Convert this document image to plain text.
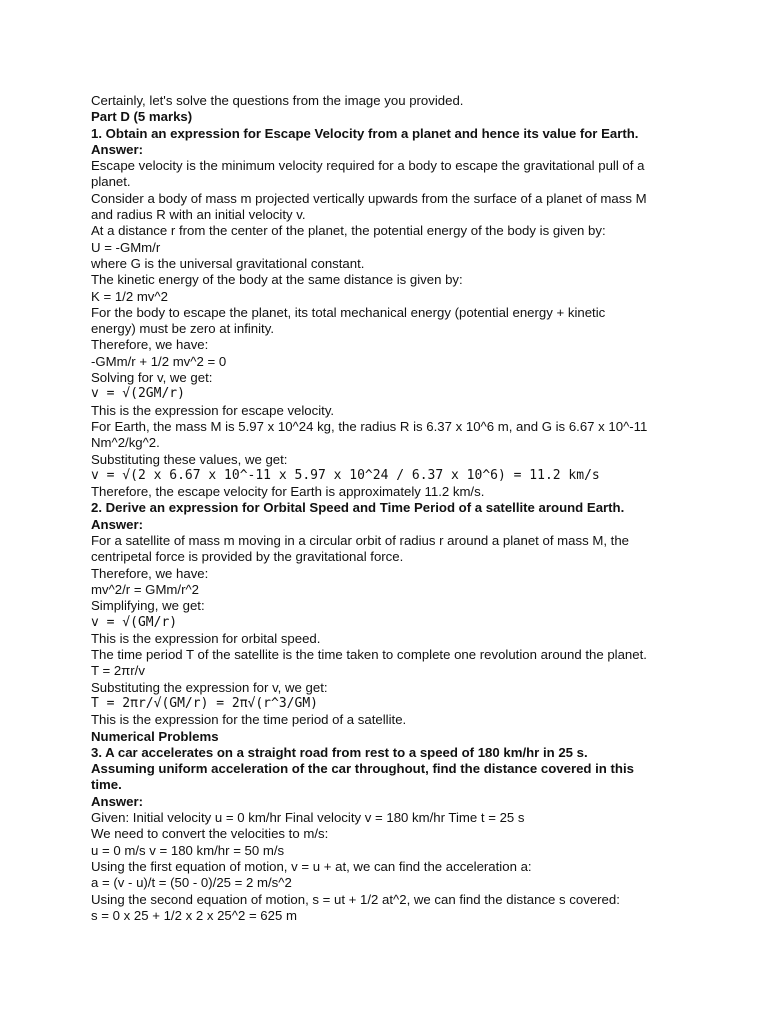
Certainly, let's solve the questions from the image you provided.
Part D (5 marks)
1. Obtain an expression for Escape Velocity from a planet and hence its value for Earth.
Answer:
Escape velocity is the minimum velocity required for a body to escape the gravitational pull of a
planet.
Consider a body of mass m projected vertically upwards from the surface of a planet of mass M
and radius R with an initial velocity v.
At a distance r from the center of the planet, the potential energy of the body is given by:
U = -GMm/r
where G is the universal gravitational constant.
The kinetic energy of the body at the same distance is given by:
K = 1/2 mv^2
For the body to escape the planet, its total mechanical energy (potential energy + kinetic
energy) must be zero at infinity.
Therefore, we have:
-GMm/r + 1/2 mv^2 = 0
Solving for v, we get:
v = √(2GM/r)
This is the expression for escape velocity.
For Earth, the mass M is 5.97 x 10^24 kg, the radius R is 6.37 x 10^6 m, and G is 6.67 x 10^-11
Nm^2/kg^2.
Substituting these values, we get:
v = √(2 x 6.67 x 10^-11 x 5.97 x 10^24 / 6.37 x 10^6) = 11.2 km/s
Therefore, the escape velocity for Earth is approximately 11.2 km/s.
2. Derive an expression for Orbital Speed and Time Period of a satellite around Earth.
Answer:
For a satellite of mass m moving in a circular orbit of radius r around a planet of mass M, the
centripetal force is provided by the gravitational force.
Therefore, we have:
mv^2/r = GMm/r^2
Simplifying, we get:
v = √(GM/r)
This is the expression for orbital speed.
The time period T of the satellite is the time taken to complete one revolution around the planet.
T = 2πr/v
Substituting the expression for v, we get:
T = 2πr/√(GM/r) = 2π√(r^3/GM)
This is the expression for the time period of a satellite.
Numerical Problems
3. A car accelerates on a straight road from rest to a speed of 180 km/hr in 25 s.
Assuming uniform acceleration of the car throughout, find the distance covered in this
time.
Answer:
Given: Initial velocity u = 0 km/hr Final velocity v = 180 km/hr Time t = 25 s
We need to convert the velocities to m/s:
u = 0 m/s v = 180 km/hr = 50 m/s
Using the first equation of motion, v = u + at, we can find the acceleration a:
a = (v - u)/t = (50 - 0)/25 = 2 m/s^2
Using the second equation of motion, s = ut + 1/2 at^2, we can find the distance s covered:
s = 0 x 25 + 1/2 x 2 x 25^2 = 625 m
